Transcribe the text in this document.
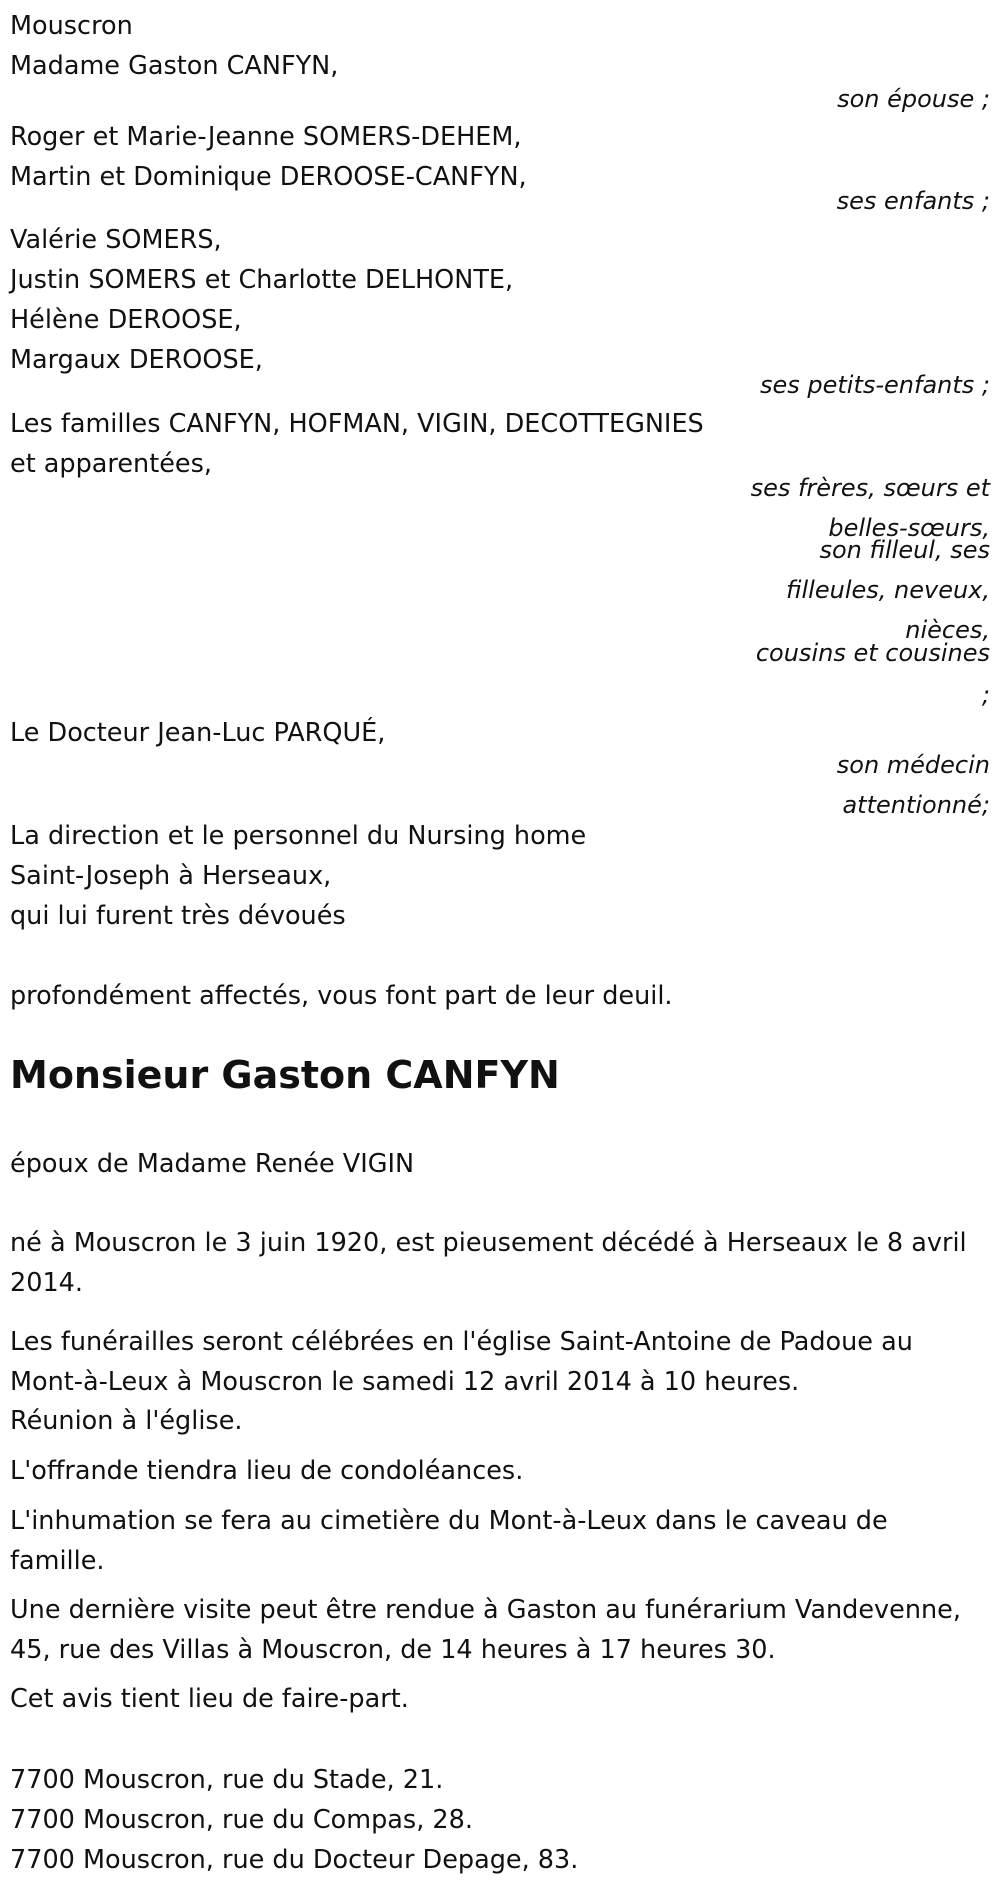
Mouscron

Madame Gaston CANFYN,

son épouse ;

Roger et Marie-Jeanne SOMERS-DEHEM,

Martin et Dominique DEROOSE-CANFYN,

ses enfants ;

Valérie SOMERS,

Justin SOMERS et Charlotte DELHONTE,

Hélène DEROOSE,

Margaux DEROOSE,

ses petits-enfants ;

Les familles CANFYN, HOFMAN, VIGIN, DECOTTEGNIES

et apparentées,

ses frères, sœurs et

belles-sœurs,

son filleul, ses

filleules, neveux,

nièces,

cousins et cousines

;

Le Docteur Jean-Luc PARQUÉ,

son médecin

attentionné;

La direction et le personnel du Nursing home

Saint-Joseph à Herseaux,

qui lui furent très dévoués

profondément affectés, vous font part de leur deuil.

Monsieur Gaston CANFYN

époux de Madame Renée VIGIN

né à Mouscron le 3 juin 1920, est pieusement décédé à Herseaux le 8 avril 2014.

Les funérailles seront célébrées en l'église Saint-Antoine de Padoue au Mont-à-Leux à Mouscron le samedi 12 avril 2014 à 10 heures.

Réunion à l'église.

L'offrande tiendra lieu de condoléances.

L'inhumation se fera au cimetière du Mont-à-Leux dans le caveau de famille.

Une dernière visite peut être rendue à Gaston au funérarium Vandevenne, 45, rue des Villas à Mouscron, de 14 heures à 17 heures 30.

Cet avis tient lieu de faire-part.

7700 Mouscron, rue du Stade, 21.

7700 Mouscron, rue du Compas, 28.

7700 Mouscron, rue du Docteur Depage, 83.
